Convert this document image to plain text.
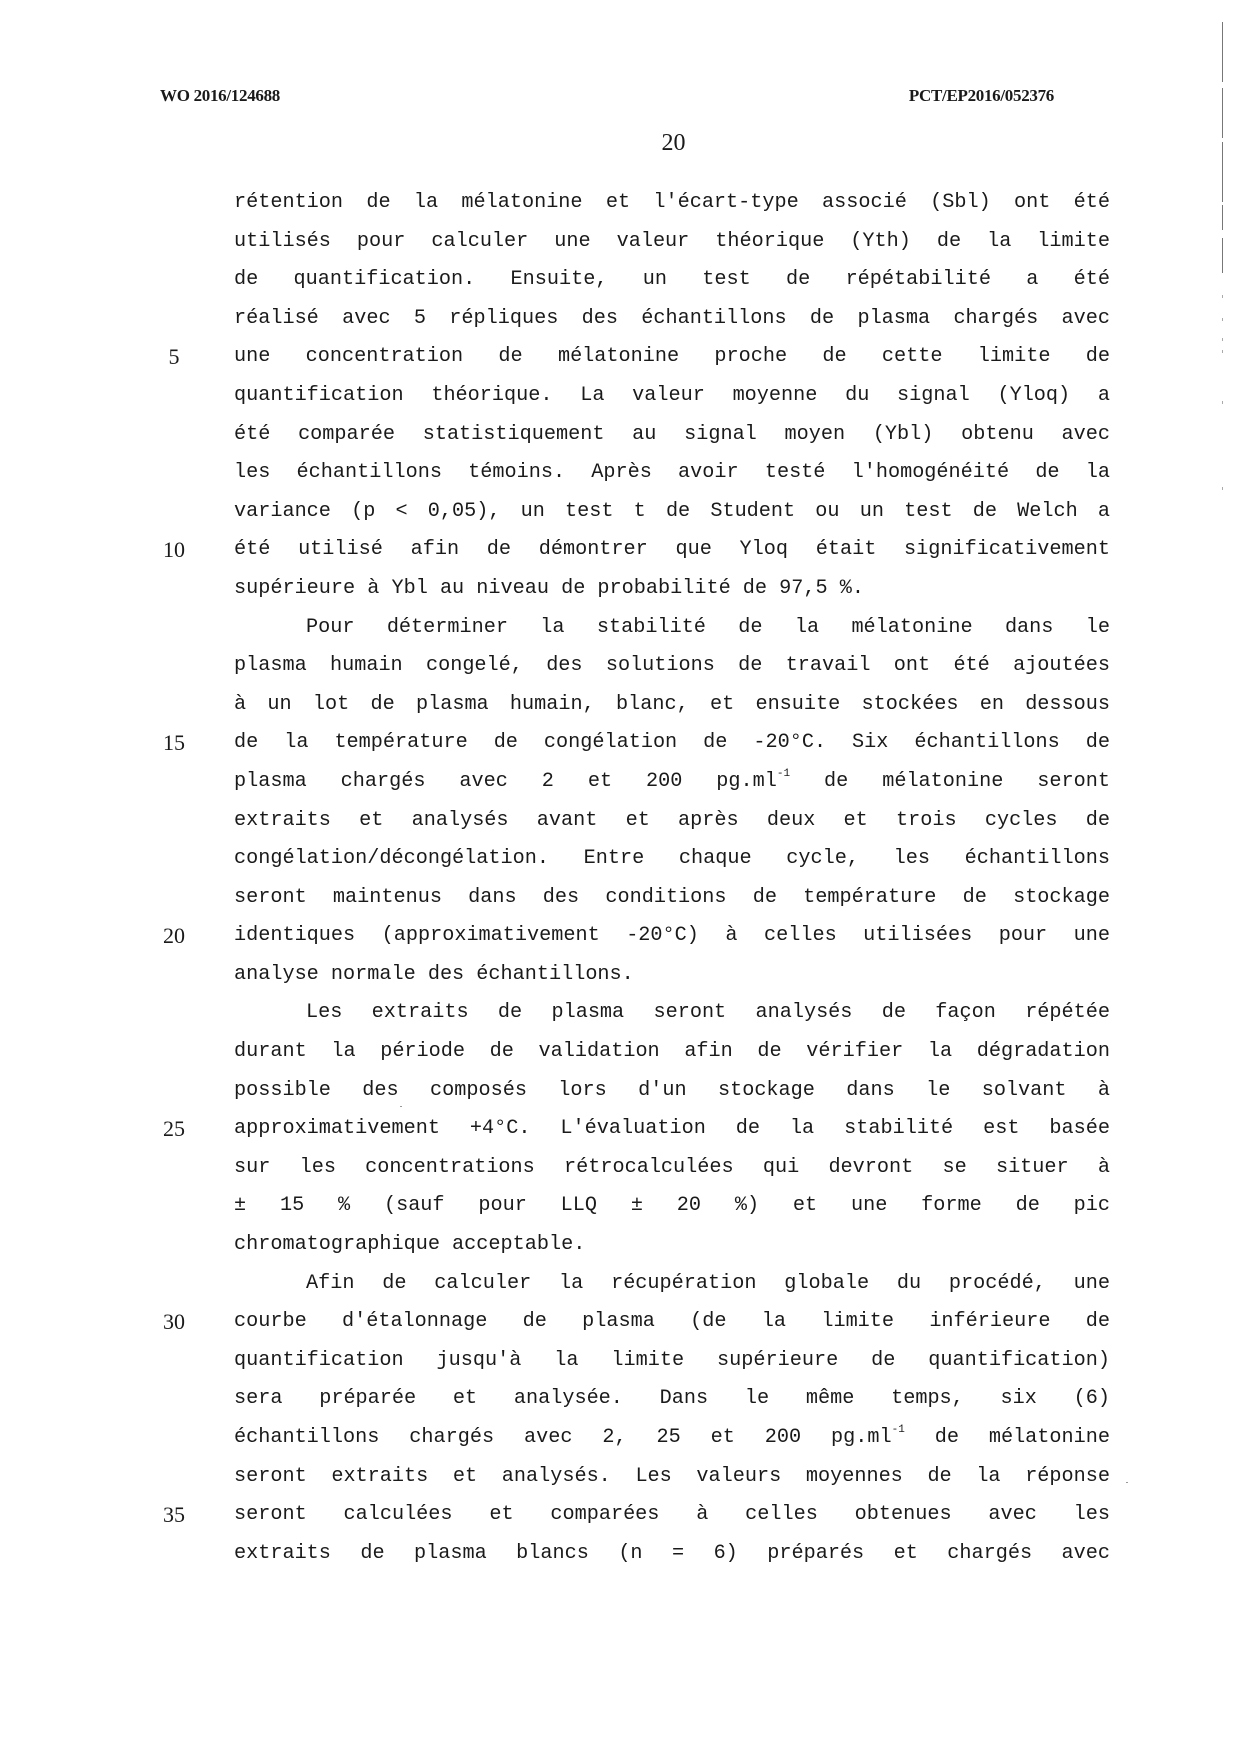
WO 2016/124688	PCT/EP2016/052376
20
rétention de la mélatonine et l'écart-type associé (Sbl) ont été
utilisés pour calculer une valeur théorique (Yth) de la limite
de quantification. Ensuite, un test de répétabilité a été
réalisé avec 5 répliques des échantillons de plasma chargés avec
5	une concentration de mélatonine proche de cette limite de
quantification théorique. La valeur moyenne du signal (Yloq) a
été comparée statistiquement au signal moyen (Ybl) obtenu avec
les échantillons témoins. Après avoir testé l'homogénéité de la
variance (p < 0,05), un test t de Student ou un test de Welch a
10	été utilisé afin de démontrer que Yloq était significativement
supérieure à Ybl au niveau de probabilité de 97,5 %.
Pour déterminer la stabilité de la mélatonine dans le
plasma humain congelé, des solutions de travail ont été ajoutées
à un lot de plasma humain, blanc, et ensuite stockées en dessous
15	de la température de congélation de -20°C. Six échantillons de
plasma chargés avec 2 et 200 $pg.ml^{-1}$ de mélatonine seront
extraits et analysés avant et après deux et trois cycles de
congélation/décongélation. Entre chaque cycle, les échantillons
seront maintenus dans des conditions de température de stockage
20	identiques (approximativement -20°C) à celles utilisées pour une
analyse normale des échantillons.
Les extraits de plasma seront analysés de façon répétée
durant la période de validation afin de vérifier la dégradation
possible des composés lors d'un stockage dans le solvant à
25	approximativement +4°C. L'évaluation de la stabilité est basée
sur les concentrations rétrocalculées qui devront se situer à
± 15 % (sauf pour LLQ ± 20 %) et une forme de pic
chromatographique acceptable.
Afin de calculer la récupération globale du procédé, une
30	courbe d'étalonnage de plasma (de la limite inférieure de
quantification jusqu'à la limite supérieure de quantification)
sera préparée et analysée. Dans le même temps, six (6)
échantillons chargés avec 2, 25 et 200 $pg.ml^{-1}$ de mélatonine
seront extraits et analysés. Les valeurs moyennes de la réponse
35	seront calculées et comparées à celles obtenues avec les
extraits de plasma blancs (n = 6) préparés et chargés avec
